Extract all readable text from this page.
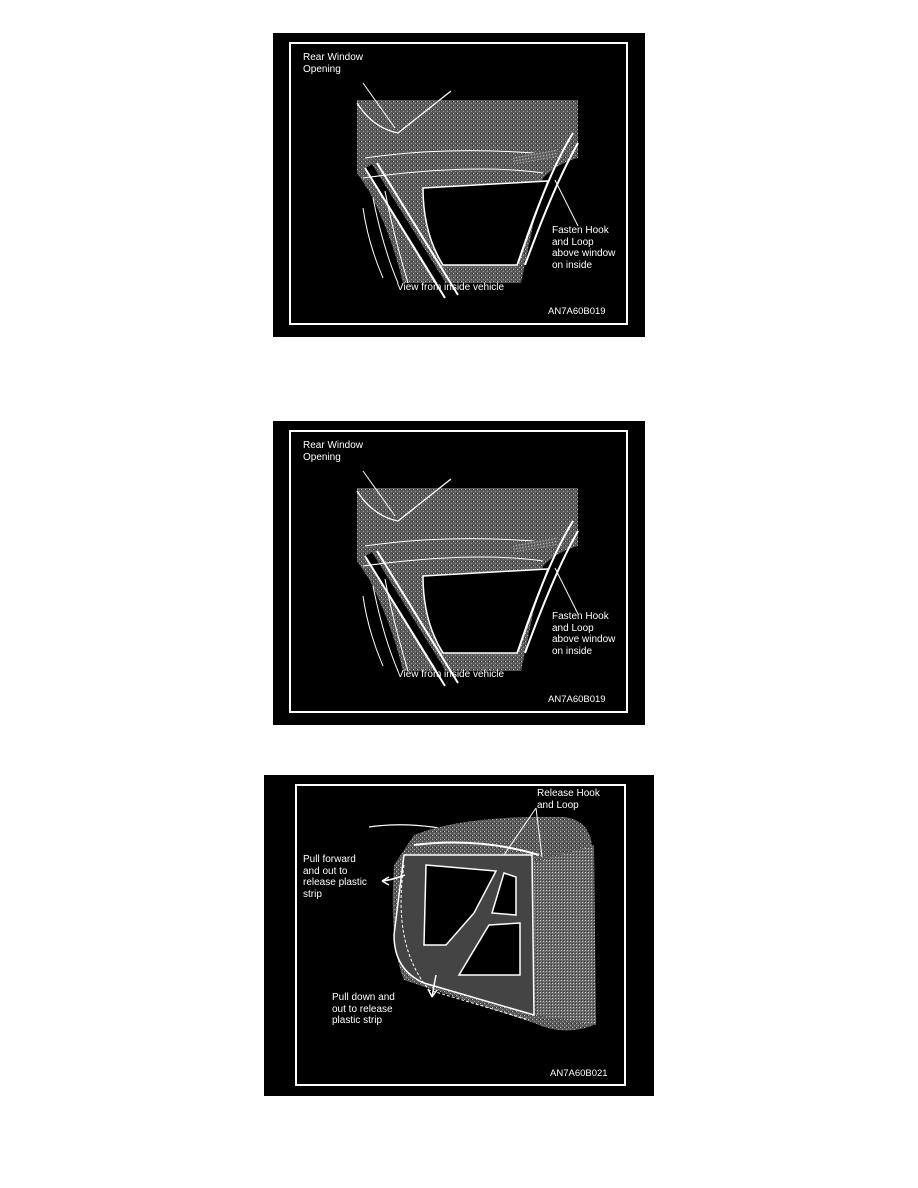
Rear Window
Opening
Fasten Hook
and Loop
above window
on inside
View from inside vehicle
AN7A60B019
Rear Window
Opening
Fasten Hook
and Loop
above window
on inside
View from inside vehicle
AN7A60B019
Release Hook
and Loop
Pull forward
and out to
release plastic
strip
Pull down and
out to release
plastic strip
AN7A60B021
